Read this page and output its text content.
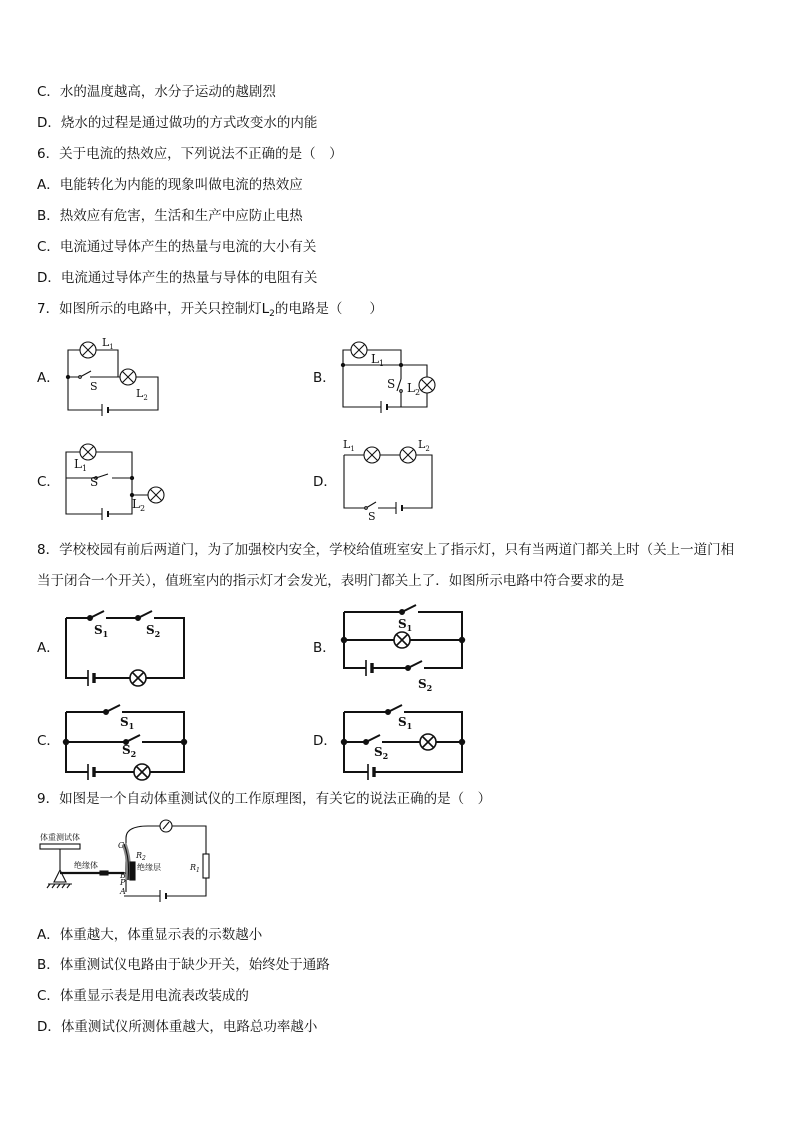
C．水的温度越高，水分子运动的越剧烈
D．烧水的过程是通过做功的方式改变水的内能
6．关于电流的热效应，下列说法不正确的是（　）
A．电能转化为内能的现象叫做电流的热效应
B．热效应有危害，生活和生产中应防止电热
C．电流通过导体产生的热量与电流的大小有关
D．电流通过导体产生的热量与导体的电阻有关
7．如图所示的电路中，开关只控制灯$L_2$的电路是（　　）
A．	B．
C．	D．
$L_1$
S
$L_2$
$L_1$
S $L_2$
$L_1$
S
$L_2$
$L_1$	$L_2$
S
8．学校校园有前后两道门，为了加强校内安全，学校给值班室安上了指示灯，只有当两道门都关上时（关上一道门相
当于闭合一个开关），值班室内的指示灯才会发光，表明门都关上了．如图所示电路中符合要求的是
A．	B．
C．	D．
$S_1$	$S_2$
$S_1$
$S_2$
$S_1$
$S_2$
$S_1$
$S_2$
9．如图是一个自动体重测试仪的工作原理图，有关它的说法正确的是（　）
体重测试体
绝缘体	绝缘层
$R_2$
$R_1$
C
B
P
A
A．体重越大，体重显示表的示数越小
B．体重测试仪电路由于缺少开关，始终处于通路
C．体重显示表是用电流表改装成的
D．体重测试仪所测体重越大，电路总功率越小
